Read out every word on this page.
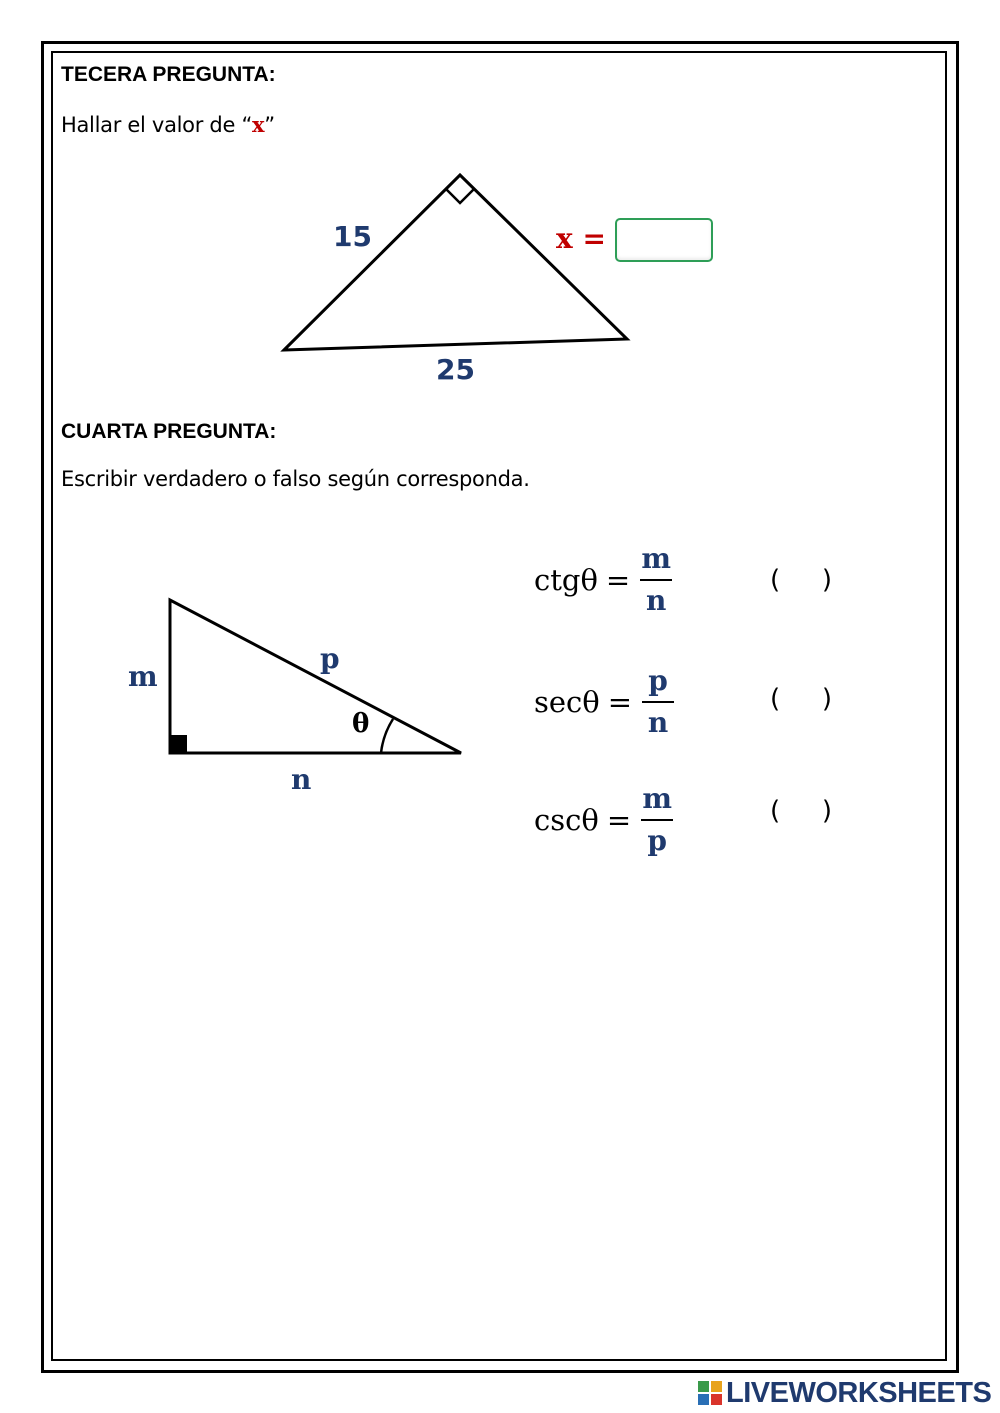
TECERA PREGUNTA:
Hallar el valor de “x”
15
25
x =
CUARTA PREGUNTA:
Escribir verdadero o falso según corresponda.
m
p
n
θ
$ctg\theta = \frac{m}{n}$	( )
$\sec\theta = \frac{p}{n}$	( )
$\csc\theta = \frac{m}{p}$	( )
LIVEWORKSHEETS
